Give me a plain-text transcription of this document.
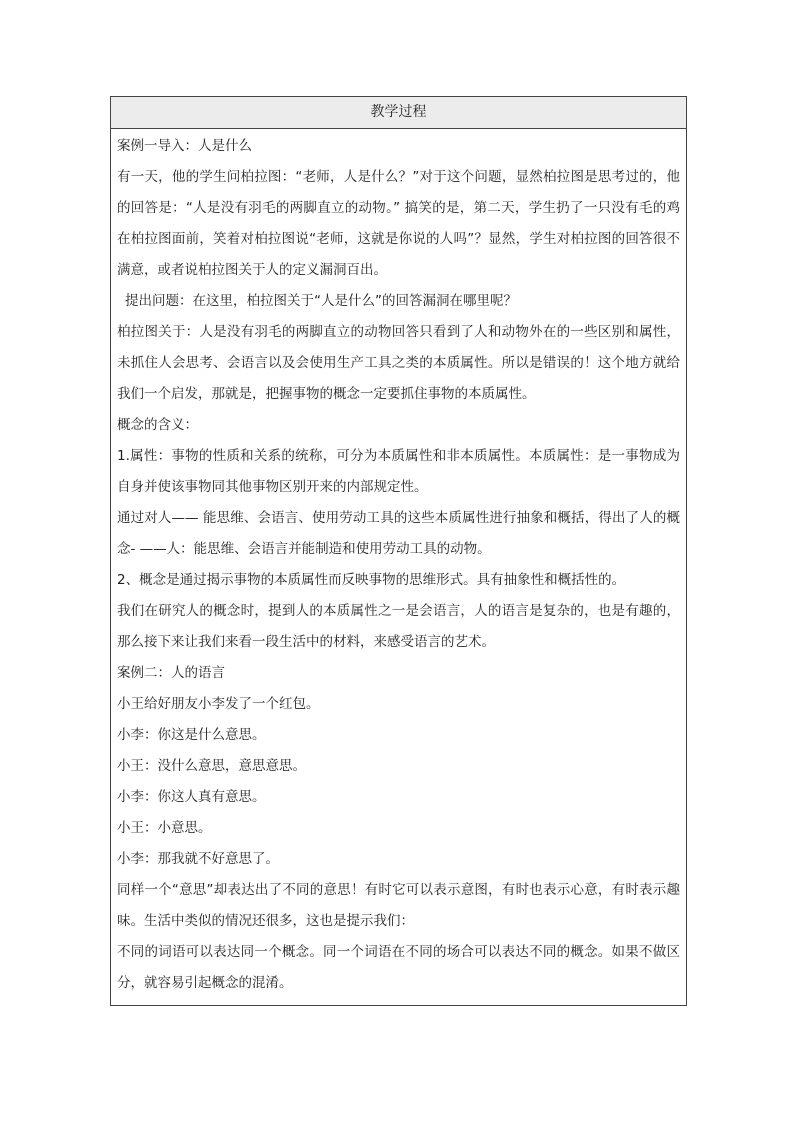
教学过程

案例一导入：人是什么

有一天，他的学生问柏拉图：“老师，人是什么？”对于这个问题，显然柏拉图是思考过的，他的回答是：“人是没有羽毛的两脚直立的动物。” 搞笑的是，第二天，学生扔了一只没有毛的鸡在柏拉图面前，笑着对柏拉图说“老师，这就是你说的人吗”？显然，学生对柏拉图的回答很不满意，或者说柏拉图关于人的定义漏洞百出。

提出问题：在这里，柏拉图关于“人是什么”的回答漏洞在哪里呢？

柏拉图关于：人是没有羽毛的两脚直立的动物回答只看到了人和动物外在的一些区别和属性，未抓住人会思考、会语言以及会使用生产工具之类的本质属性。所以是错误的！这个地方就给我们一个启发，那就是，把握事物的概念一定要抓住事物的本质属性。

概念的含义：

1.属性：事物的性质和关系的统称，可分为本质属性和非本质属性。本质属性：是一事物成为自身并使该事物同其他事物区别开来的内部规定性。

通过对人—— 能思维、会语言、使用劳动工具的这些本质属性进行抽象和概括，得出了人的概念- ——人：能思维、会语言并能制造和使用劳动工具的动物。

2、概念是通过揭示事物的本质属性而反映事物的思维形式。具有抽象性和概括性的。

我们在研究人的概念时，提到人的本质属性之一是会语言，人的语言是复杂的，也是有趣的，那么接下来让我们来看一段生活中的材料，来感受语言的艺术。

案例二：人的语言

小王给好朋友小李发了一个红包。

小李：你这是什么意思。

小王：没什么意思，意思意思。

小李：你这人真有意思。

小王：小意思。

小李：那我就不好意思了。

同样一个“意思”却表达出了不同的意思！有时它可以表示意图，有时也表示心意，有时表示趣味。生活中类似的情况还很多，这也是提示我们：

不同的词语可以表达同一个概念。同一个词语在不同的场合可以表达不同的概念。如果不做区分，就容易引起概念的混淆。
